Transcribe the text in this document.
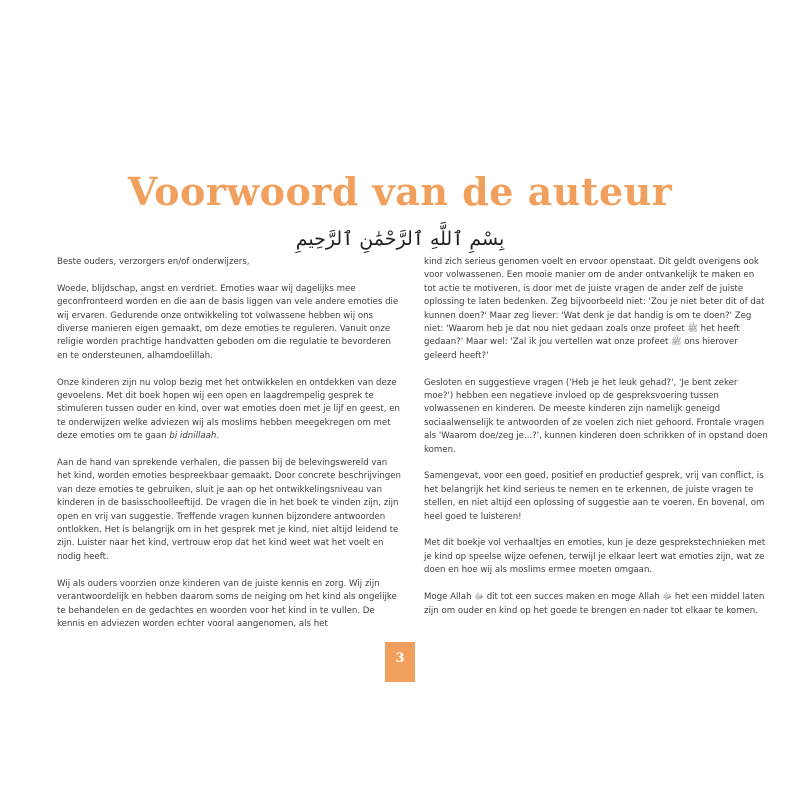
Voorwoord van de auteur
بِسْمِ ٱللَّهِ ٱلرَّحْمَٰنِ ٱلرَّحِيمِ

Beste ouders, verzorgers en/of onderwijzers,

Woede, blijdschap, angst en verdriet. Emoties waar wij dagelijks mee geconfronteerd worden en die aan de basis liggen van vele andere emoties die wij ervaren. Gedurende onze ontwikkeling tot volwassene hebben wij ons diverse manieren eigen gemaakt, om deze emoties te reguleren. Vanuit onze religie worden prachtige handvatten geboden om die regulatie te bevorderen en te ondersteunen, alhamdoelillah.

Onze kinderen zijn nu volop bezig met het ontwikkelen en ontdekken van deze gevoelens. Met dit boek hopen wij een open en laagdrempelig gesprek te stimuleren tussen ouder en kind, over wat emoties doen met je lijf en geest, en te onderwijzen welke adviezen wij als moslims hebben meegekregen om met deze emoties om te gaan bi idnillaah.

Aan de hand van sprekende verhalen, die passen bij de belevingswereld van het kind, worden emoties bespreekbaar gemaakt. Door concrete beschrijvingen van deze emoties te gebruiken, sluit je aan op het ontwikkelingsniveau van kinderen in de basisschoolleeftijd. De vragen die in het boek te vinden zijn, zijn open en vrij van suggestie. Treffende vragen kunnen bijzondere antwoorden ontlokken. Het is belangrijk om in het gesprek met je kind, niet altijd leidend te zijn. Luister naar het kind, vertrouw erop dat het kind weet wat het voelt en nodig heeft.

Wij als ouders voorzien onze kinderen van de juiste kennis en zorg. Wij zijn verantwoordelijk en hebben daarom soms de neiging om het kind als ongelijke te behandelen en de gedachtes en woorden voor het kind in te vullen. De kennis en adviezen worden echter vooral aangenomen, als het

kind zich serieus genomen voelt en ervoor openstaat. Dit geldt overigens ook voor volwassenen. Een mooie manier om de ander ontvankelijk te maken en tot actie te motiveren, is door met de juiste vragen de ander zelf de juiste oplossing te laten bedenken. Zeg bijvoorbeeld niet: 'Zou je niet beter dit of dat kunnen doen?' Maar zeg liever: 'Wat denk je dat handig is om te doen?' Zeg niet: 'Waarom heb je dat nou niet gedaan zoals onze profeet ﷺ het heeft gedaan?' Maar wel: 'Zal ik jou vertellen wat onze profeet ﷺ ons hierover geleerd heeft?'

Gesloten en suggestieve vragen ('Heb je het leuk gehad?', 'Je bent zeker moe?') hebben een negatieve invloed op de gespreksvoering tussen volwassenen en kinderen. De meeste kinderen zijn namelijk geneigd sociaalwenselijk te antwoorden of ze voelen zich niet gehoord. Frontale vragen als 'Waarom doe/zeg je...?', kunnen kinderen doen schrikken of in opstand doen komen.

Samengevat, voor een goed, positief en productief gesprek, vrij van conflict, is het belangrijk het kind serieus te nemen en te erkennen, de juiste vragen te stellen, en niet altijd een oplossing of suggestie aan te voeren. En bovenal, om heel goed te luisteren!

Met dit boekje vol verhaaltjes en emoties, kun je deze gesprekstechnieken met je kind op speelse wijze oefenen, terwijl je elkaar leert wat emoties zijn, wat ze doen en hoe wij als moslims ermee moeten omgaan.

Moge Allah ﷻ dit tot een succes maken en moge Allah ﷻ het een middel laten zijn om ouder en kind op het goede te brengen en nader tot elkaar te komen.

3
